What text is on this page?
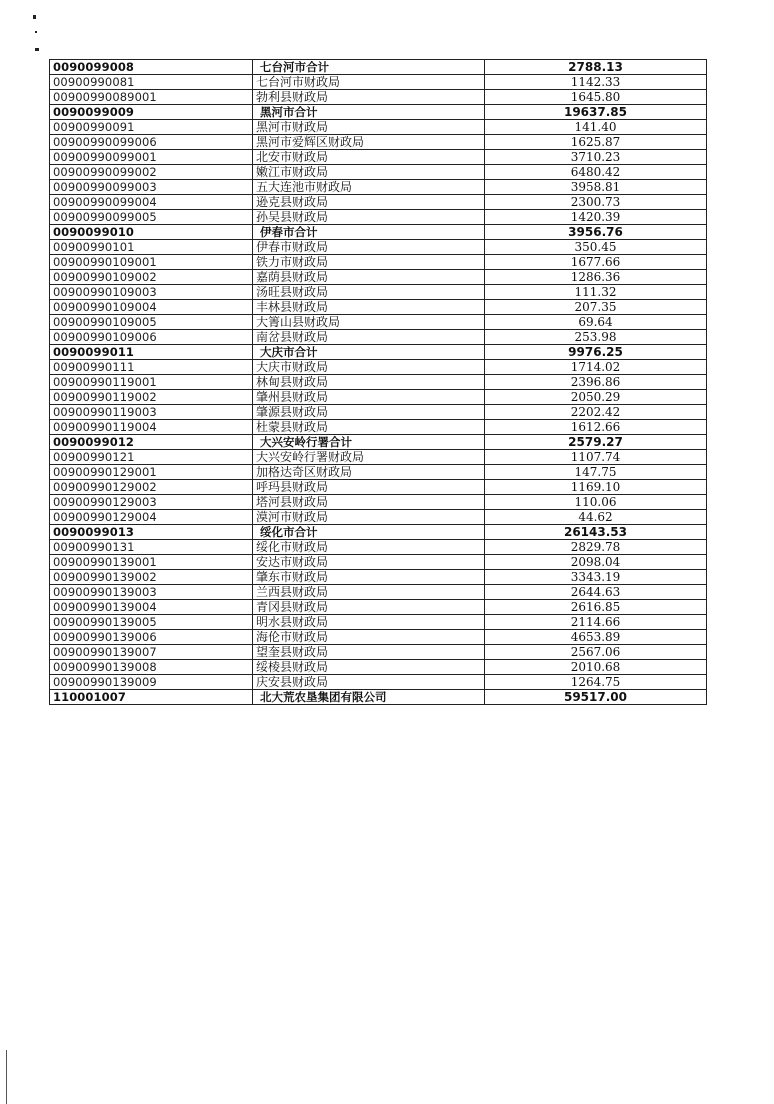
0090099008	七台河市合计	2788.13
00900990081	七台河市财政局	1142.33
00900990089001	勃利县财政局	1645.80
0090099009	黑河市合计	19637.85
00900990091	黑河市财政局	141.40
00900990099006	黑河市爱辉区财政局	1625.87
00900990099001	北安市财政局	3710.23
00900990099002	嫩江市财政局	6480.42
00900990099003	五大连池市财政局	3958.81
00900990099004	逊克县财政局	2300.73
00900990099005	孙吴县财政局	1420.39
0090099010	伊春市合计	3956.76
00900990101	伊春市财政局	350.45
00900990109001	铁力市财政局	1677.66
00900990109002	嘉荫县财政局	1286.36
00900990109003	汤旺县财政局	111.32
00900990109004	丰林县财政局	207.35
00900990109005	大箐山县财政局	69.64
00900990109006	南岔县财政局	253.98
0090099011	大庆市合计	9976.25
00900990111	大庆市财政局	1714.02
00900990119001	林甸县财政局	2396.86
00900990119002	肇州县财政局	2050.29
00900990119003	肇源县财政局	2202.42
00900990119004	杜蒙县财政局	1612.66
0090099012	大兴安岭行署合计	2579.27
00900990121	大兴安岭行署财政局	1107.74
00900990129001	加格达奇区财政局	147.75
00900990129002	呼玛县财政局	1169.10
00900990129003	塔河县财政局	110.06
00900990129004	漠河市财政局	44.62
0090099013	绥化市合计	26143.53
00900990131	绥化市财政局	2829.78
00900990139001	安达市财政局	2098.04
00900990139002	肇东市财政局	3343.19
00900990139003	兰西县财政局	2644.63
00900990139004	青冈县财政局	2616.85
00900990139005	明水县财政局	2114.66
00900990139006	海伦市财政局	4653.89
00900990139007	望奎县财政局	2567.06
00900990139008	绥棱县财政局	2010.68
00900990139009	庆安县财政局	1264.75
110001007	北大荒农垦集团有限公司	59517.00
